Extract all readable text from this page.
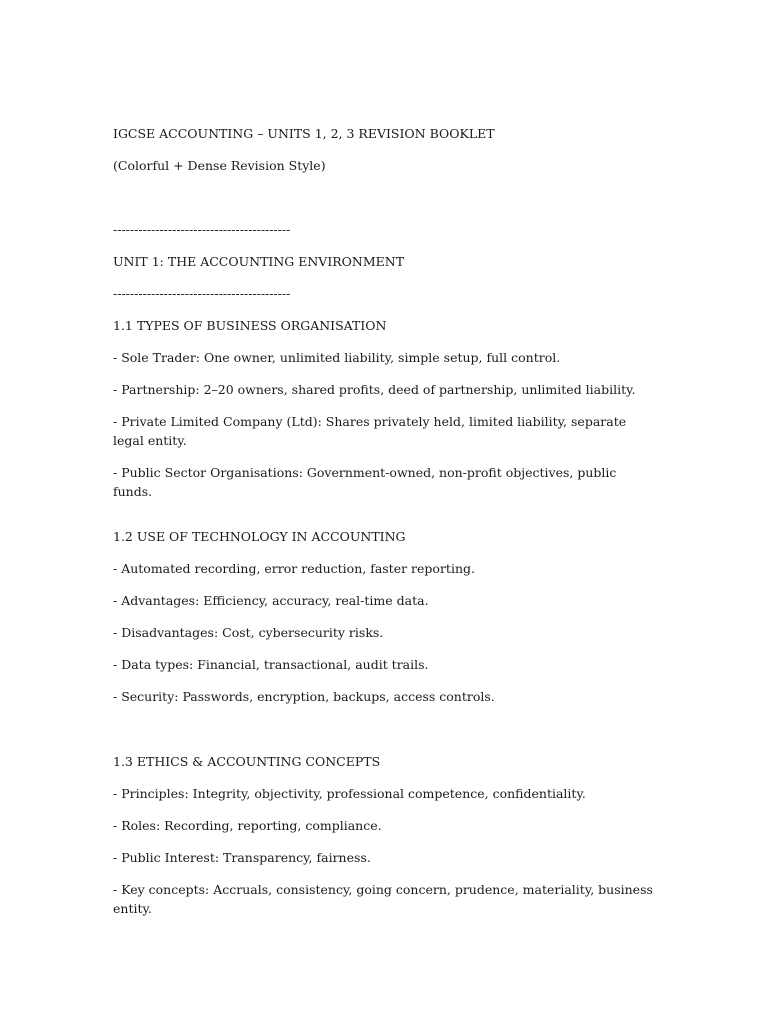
IGCSE ACCOUNTING – UNITS 1, 2, 3 REVISION BOOKLET
(Colorful + Dense Revision Style)
------------------------------------------
UNIT 1: THE ACCOUNTING ENVIRONMENT
------------------------------------------
1.1 TYPES OF BUSINESS ORGANISATION
- Sole Trader: One owner, unlimited liability, simple setup, full control.
- Partnership: 2–20 owners, shared profits, deed of partnership, unlimited liability.
- Private Limited Company (Ltd): Shares privately held, limited liability, separate legal entity.
- Public Sector Organisations: Government-owned, non-profit objectives, public funds.
1.2 USE OF TECHNOLOGY IN ACCOUNTING
- Automated recording, error reduction, faster reporting.
- Advantages: Efficiency, accuracy, real-time data.
- Disadvantages: Cost, cybersecurity risks.
- Data types: Financial, transactional, audit trails.
- Security: Passwords, encryption, backups, access controls.
1.3 ETHICS & ACCOUNTING CONCEPTS
- Principles: Integrity, objectivity, professional competence, confidentiality.
- Roles: Recording, reporting, compliance.
- Public Interest: Transparency, fairness.
- Key concepts: Accruals, consistency, going concern, prudence, materiality, business entity.
